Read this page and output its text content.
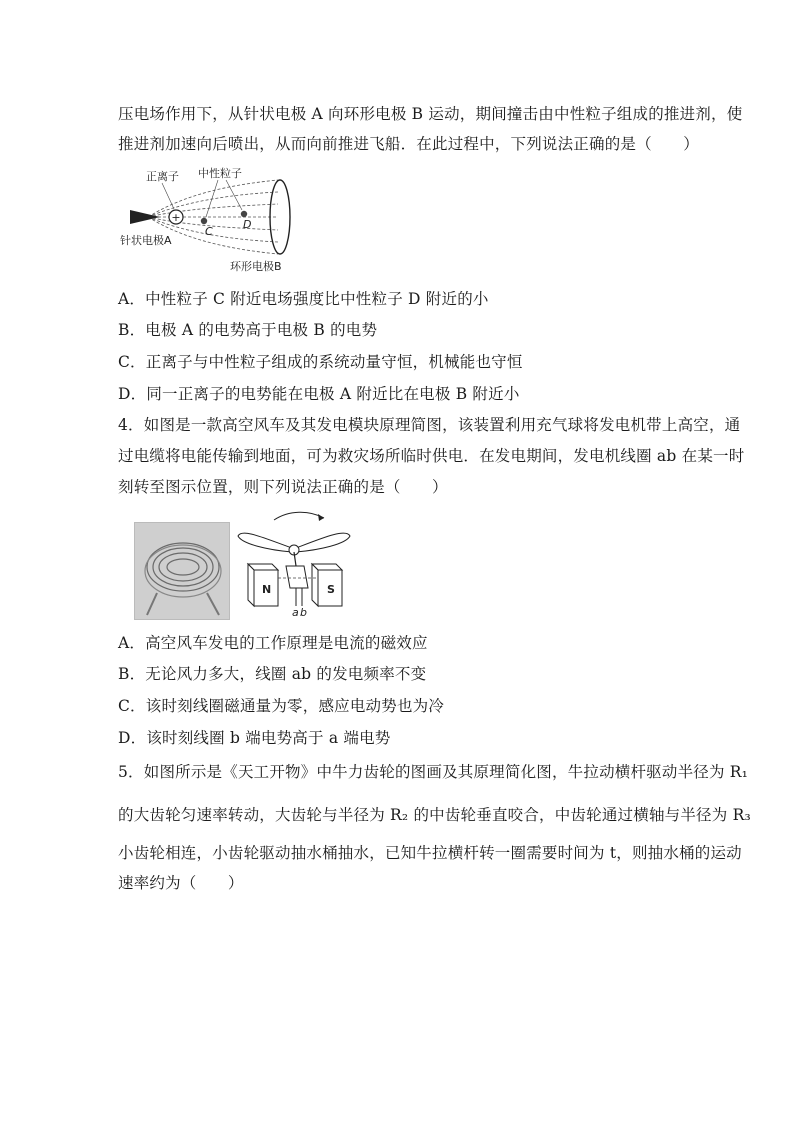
压电场作用下，从针状电极 A 向环形电极 B 运动，期间撞击由中性粒子组成的推进剂，使
推进剂加速向后喷出，从而向前推进飞船．在此过程中，下列说法正确的是（　　）
+
C
D
正离子 中性粒子
针状电极A
环形电极B
A．中性粒子 C 附近电场强度比中性粒子 D 附近的小
B．电极 A 的电势高于电极 B 的电势
C．正离子与中性粒子组成的系统动量守恒，机械能也守恒
D．同一正离子的电势能在电极 A 附近比在电极 B 附近小
4．如图是一款高空风车及其发电模块原理简图，该装置利用充气球将发电机带上高空，通
过电缆将电能传输到地面，可为救灾场所临时供电．在发电期间，发电机线圈 ab 在某一时
刻转至图示位置，则下列说法正确的是（　　）
N	S
a b
A．高空风车发电的工作原理是电流的磁效应
B．无论风力多大，线圈 ab 的发电频率不变
C．该时刻线圈磁通量为零，感应电动势也为冷
D．该时刻线圈 b 端电势高于 a 端电势
5．如图所示是《天工开物》中牛力齿轮的图画及其原理简化图，牛拉动横杆驱动半径为 R₁
的大齿轮匀速率转动，大齿轮与半径为 R₂ 的中齿轮垂直咬合，中齿轮通过横轴与半径为 R₃
小齿轮相连，小齿轮驱动抽水桶抽水，已知牛拉横杆转一圈需要时间为 t，则抽水桶的运动
速率约为（　　）
